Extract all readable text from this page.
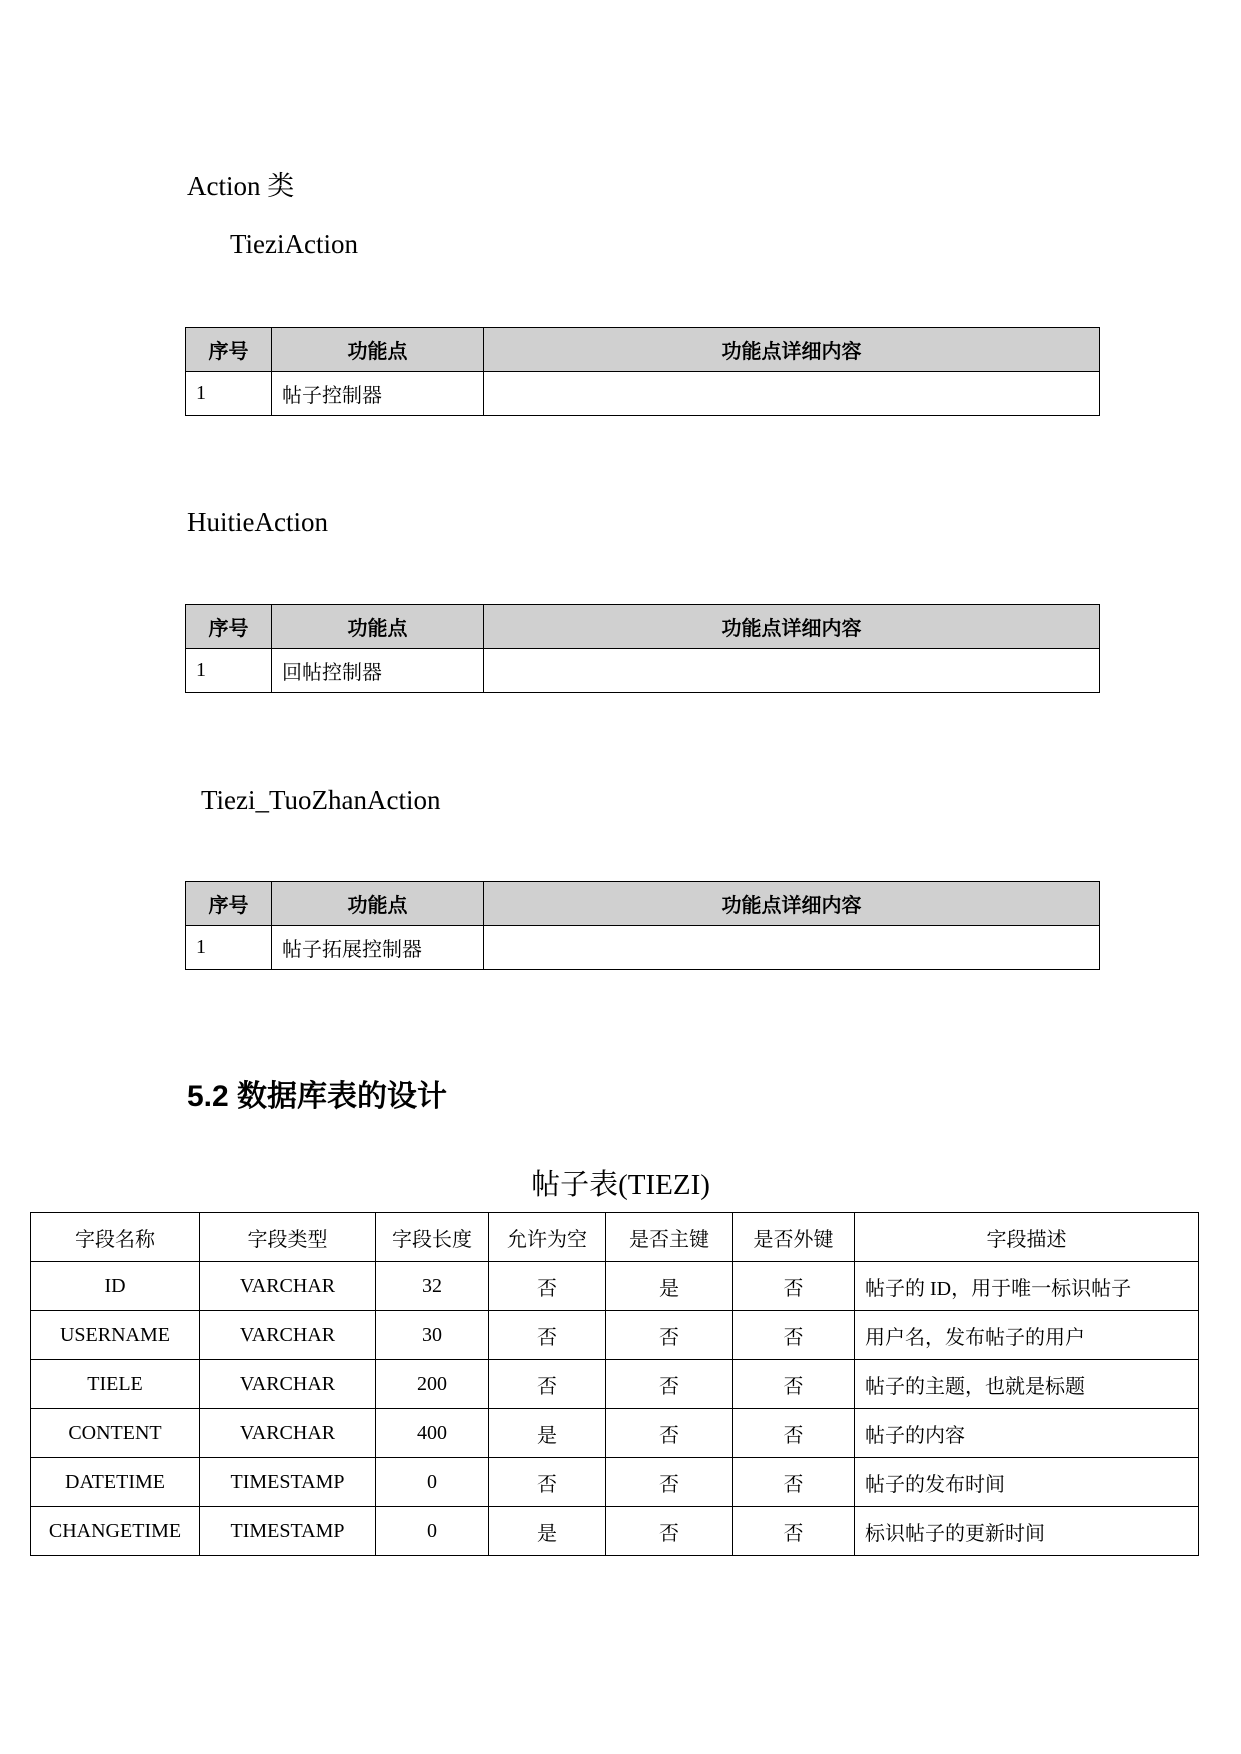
Action 类
TieziAction
序号	功能点	功能点详细内容
1	帖子控制器	
HuitieAction
序号	功能点	功能点详细内容
1	回帖控制器	
Tiezi_TuoZhanAction
序号	功能点	功能点详细内容
1	帖子拓展控制器	
5.2 数据库表的设计
帖子表(TIEZI)
字段名称	字段类型	字段长度	允许为空	是否主键	是否外键	字段描述
ID	VARCHAR	32	否	是	否	帖子的 ID，用于唯一标识帖子
USERNAME	VARCHAR	30	否	否	否	用户名，发布帖子的用户
TIELE	VARCHAR	200	否	否	否	帖子的主题，也就是标题
CONTENT	VARCHAR	400	是	否	否	帖子的内容
DATETIME	TIMESTAMP	0	否	否	否	帖子的发布时间
CHANGETIME	TIMESTAMP	0	是	否	否	标识帖子的更新时间
